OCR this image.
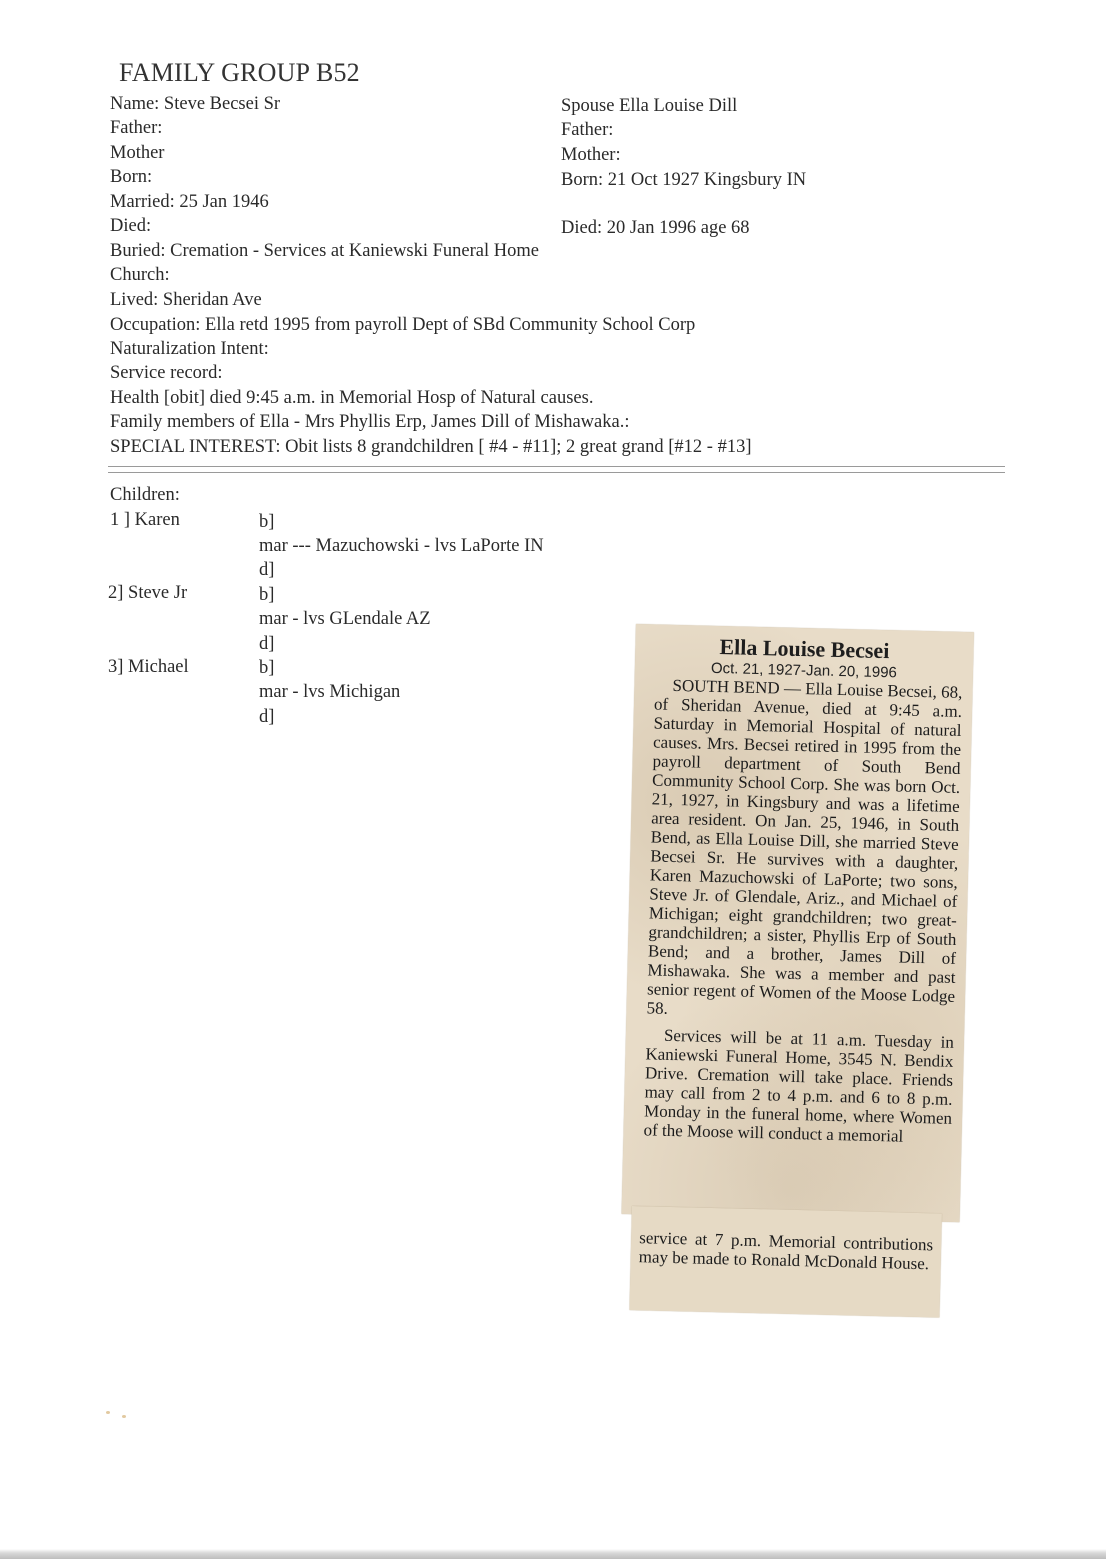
FAMILY GROUP B52
Name: Steve Becsei Sr
Father:
Mother
Born:
Married: 25 Jan 1946
Died:
Spouse Ella Louise Dill
Father:
Mother:
Born: 21 Oct 1927 Kingsbury IN
Died: 20 Jan 1996 age 68
Buried: Cremation - Services at Kaniewski Funeral Home
Church:
Lived: Sheridan Ave
Occupation: Ella retd 1995 from payroll Dept of SBd Community School Corp
Naturalization Intent:
Service record:
Health [obit] died 9:45 a.m. in Memorial Hosp of Natural causes.
Family members of Ella - Mrs Phyllis Erp, James Dill of Mishawaka.:
SPECIAL INTEREST: Obit lists 8 grandchildren [ #4 - #11]; 2 great grand [#12 - #13]
Children:
1 ] Karen	b]
mar --- Mazuchowski - lvs LaPorte IN
d]
2] Steve Jr	b]
mar - lvs GLendale AZ
d]
3] Michael	b]
mar - lvs Michigan
d]
Ella Louise Becsei
Oct. 21, 1927-Jan. 20, 1996
SOUTH BEND — Ella Louise Becsei, 68, of Sheridan Avenue, died at 9:45 a.m. Saturday in Memorial Hospital of natural causes. Mrs. Becsei retired in 1995 from the payroll department of South Bend Community School Corp. She was born Oct. 21, 1927, in Kingsbury and was a lifetime area resident. On Jan. 25, 1946, in South Bend, as Ella Louise Dill, she married Steve Becsei Sr. He survives with a daughter, Karen Mazuchowski of LaPorte; two sons, Steve Jr. of Glendale, Ariz., and Michael of Michigan; eight grandchildren; two great-grandchildren; a sister, Phyllis Erp of South Bend; and a brother, James Dill of Mishawaka. She was a member and past senior regent of Women of the Moose Lodge 58.
Services will be at 11 a.m. Tuesday in Kaniewski Funeral Home, 3545 N. Bendix Drive. Cremation will take place. Friends may call from 2 to 4 p.m. and 6 to 8 p.m. Monday in the funeral home, where Women of the Moose will conduct a memorial
service at 7 p.m. Memorial contributions may be made to Ronald McDonald House.
